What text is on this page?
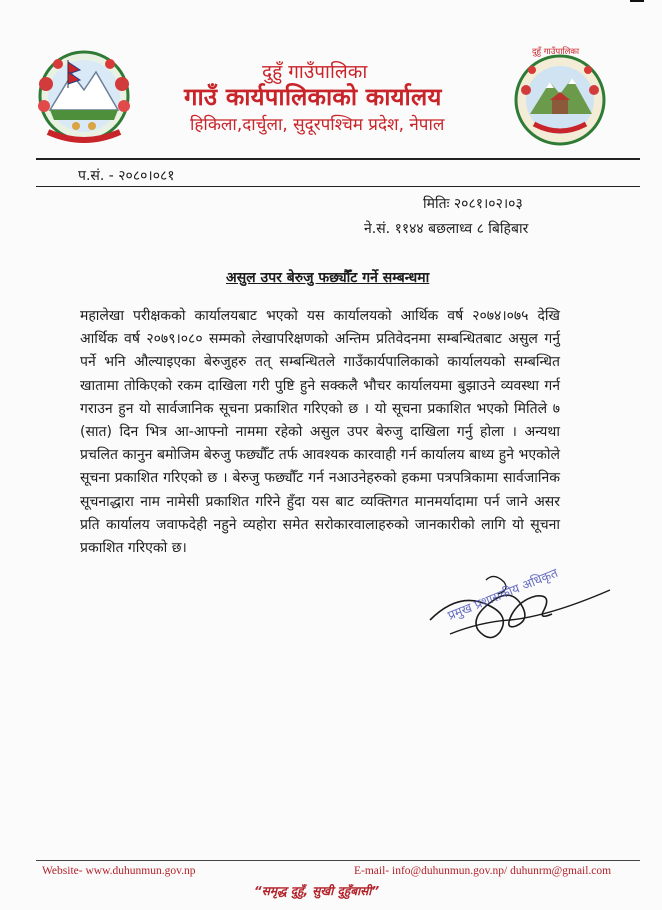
दुहुँ गाउँपालिका
गाउँ कार्यपालिकाको कार्यालय
हिकिला,दार्चुला, सुदूरपश्चिम प्रदेश, नेपाल
दुहुँ गाउँपालिका
प.सं. - २०८०।०८१
मितिः २०८१।०२।०३
ने.सं. ११४४ बछलाध्व ८ बिहिबार
असुल उपर बेरुजु फछ्यौँट गर्ने सम्बन्धमा
महालेखा परीक्षकको कार्यालयबाट भएको यस कार्यालयको आर्थिक वर्ष २०७४।०७५ देखि आर्थिक वर्ष २०७९।०८० सम्मको लेखापरिक्षणको अन्तिम प्रतिवेदनमा सम्बन्धितबाट असुल गर्नु पर्ने भनि औल्याइएका बेरुजुहरु तत् सम्बन्धितले गाउँकार्यपालिकाको कार्यालयको सम्बन्धित खातामा तोकिएको रकम दाखिला गरी पुष्टि हुने सक्कलै भौचर कार्यालयमा बुझाउने व्यवस्था गर्न गराउन हुन यो सार्वजानिक सूचना प्रकाशित गरिएको छ । यो सूचना प्रकाशित भएको मितिले ७ (सात) दिन भित्र आ-आफ्नो नाममा रहेको असुल उपर बेरुजु दाखिला गर्नु होला । अन्यथा प्रचलित कानुन बमोजिम बेरुजु फछ्यौँट तर्फ आवश्यक कारवाही गर्न कार्यालय बाध्य हुने भएकोले सूचना प्रकाशित गरिएको छ । बेरुजु फछ्यौँट गर्न नआउनेहरुको हकमा पत्रपत्रिकामा सार्वजानिक सूचनाद्धारा नाम नामेसी प्रकाशित गरिने हुँदा यस बाट व्यक्तिगत मानमर्यादामा पर्न जाने असर प्रति कार्यालय जवाफदेही नहुने व्यहोरा समेत सरोकारवालाहरुको जानकारीको लागि यो सूचना प्रकाशित गरिएको छ।
प्रमुख प्रशासकीय अधिकृत
Website- www.duhunmun.gov.np	E-mail- info@duhunmun.gov.np/ duhunrm@gmail.com
“समृद्ध दुहुँ, सुखी दुहुँबासी”
